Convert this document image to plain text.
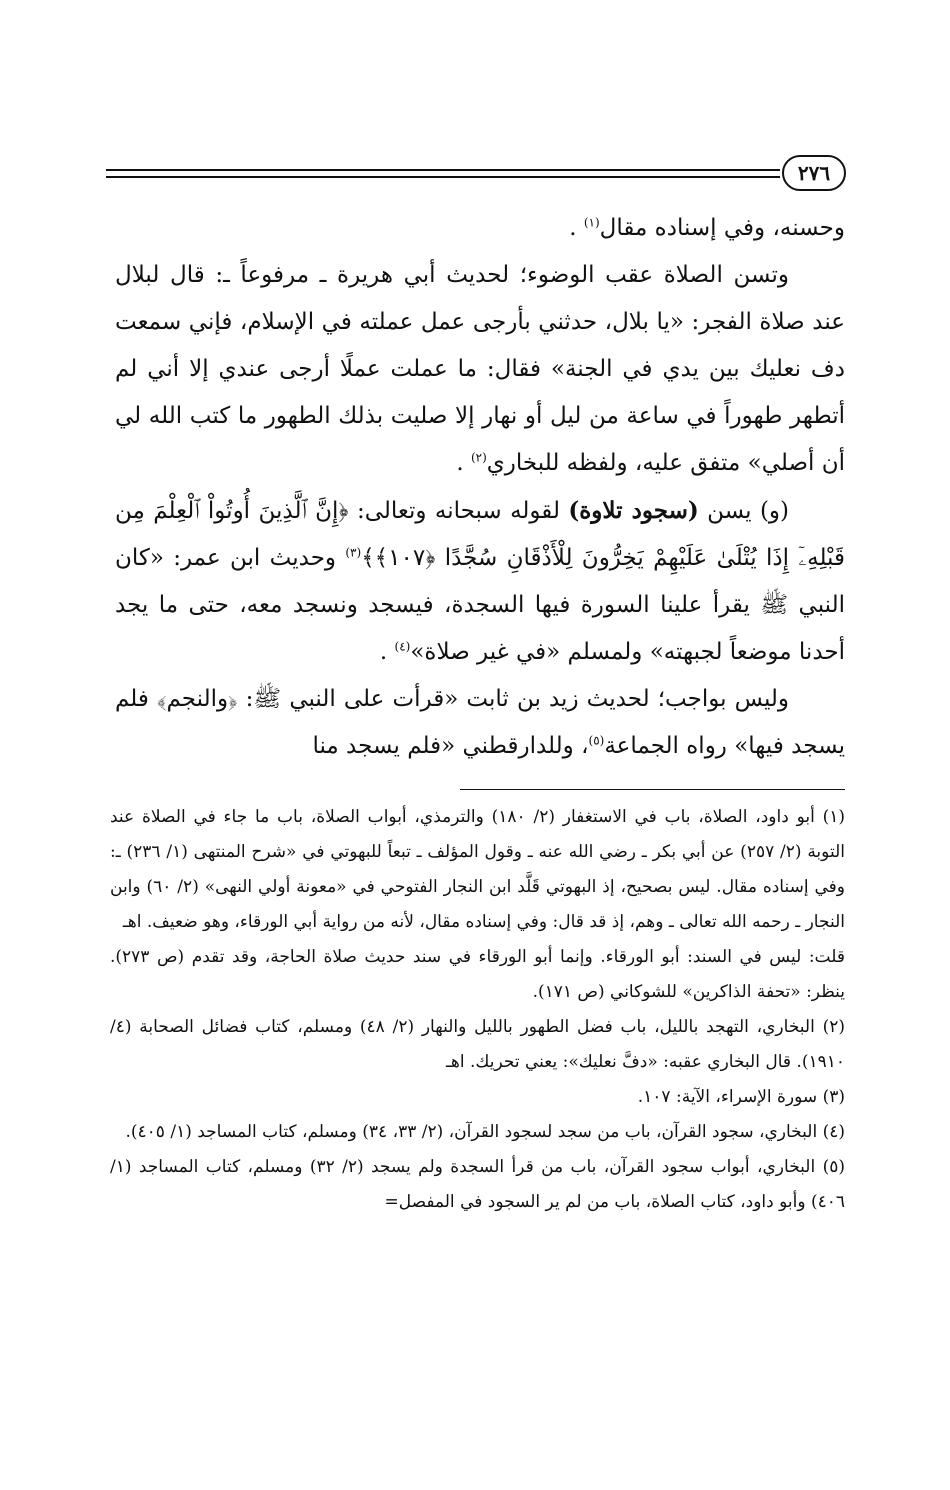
٢٧٦

وحسنه، وفي إسناده مقال$^{(١)}$ .

وتسن الصلاة عقب الوضوء؛ لحديث أبي هريرة ـ مرفوعاً ـ: قال لبلال عند صلاة الفجر: «يا بلال، حدثني بأرجى عمل عملته في الإسلام، فإني سمعت دف نعليك بين يدي في الجنة» فقال: ما عملت عملًا أرجى عندي إلا أني لم أتطهر طهوراً في ساعة من ليل أو نهار إلا صليت بذلك الطهور ما كتب الله لي أن أصلي» متفق عليه، ولفظه للبخاري$^{(٢)}$ .

(و) يسن (سجود تلاوة) لقوله سبحانه وتعالى: ﴿إِنَّ ٱلَّذِينَ أُوتُواْ ٱلْعِلْمَ مِن قَبْلِهِۦٓ إِذَا يُتْلَىٰ عَلَيْهِمْ يَخِرُّونَ لِلْأَذْقَانِ سُجَّدًا ﴿١٠٧﴾﴾$^{(٣)}$ وحديث ابن عمر: «كان النبي ﷺ يقرأ علينا السورة فيها السجدة، فيسجد ونسجد معه، حتى ما يجد أحدنا موضعاً لجبهته» ولمسلم «في غير صلاة»$^{(٤)}$ .

وليس بواجب؛ لحديث زيد بن ثابت «قرأت على النبي ﷺ: ﴿والنجم﴾ فلم يسجد فيها» رواه الجماعة$^{(٥)}$، وللدارقطني «فلم يسجد منا

(١) أبو داود، الصلاة، باب في الاستغفار (٢/ ١٨٠) والترمذي، أبواب الصلاة، باب ما جاء في الصلاة عند التوبة (٢/ ٢٥٧) عن أبي بكر ـ رضي الله عنه ـ وقول المؤلف ـ تبعاً للبهوتي في «شرح المنتهى (١/ ٢٣٦) ـ: وفي إسناده مقال. ليس بصحيح، إذ البهوتي قَلَّد ابن النجار الفتوحي في «معونة أولي النهى» (٢/ ٦٠) وابن النجار ـ رحمه الله تعالى ـ وهم، إذ قد قال: وفي إسناده مقال، لأنه من رواية أبي الورقاء، وهو ضعيف. اهـ

قلت: ليس في السند: أبو الورقاء. وإنما أبو الورقاء في سند حديث صلاة الحاجة، وقد تقدم (ص ٢٧٣). ينظر: «تحفة الذاكرين» للشوكاني (ص ١٧١).

(٢) البخاري، التهجد بالليل، باب فضل الطهور بالليل والنهار (٢/ ٤٨) ومسلم، كتاب فضائل الصحابة (٤/ ١٩١٠). قال البخاري عقبه: «دفَّ نعليك»: يعني تحريك. اهـ

(٣) سورة الإسراء، الآية: ١٠٧.

(٤) البخاري، سجود القرآن، باب من سجد لسجود القرآن، (٢/ ٣٣، ٣٤) ومسلم، كتاب المساجد (١/ ٤٠٥).

(٥) البخاري، أبواب سجود القرآن، باب من قرأ السجدة ولم يسجد (٢/ ٣٢) ومسلم، كتاب المساجد (١/ ٤٠٦) وأبو داود، كتاب الصلاة، باب من لم ير السجود في المفصل=
